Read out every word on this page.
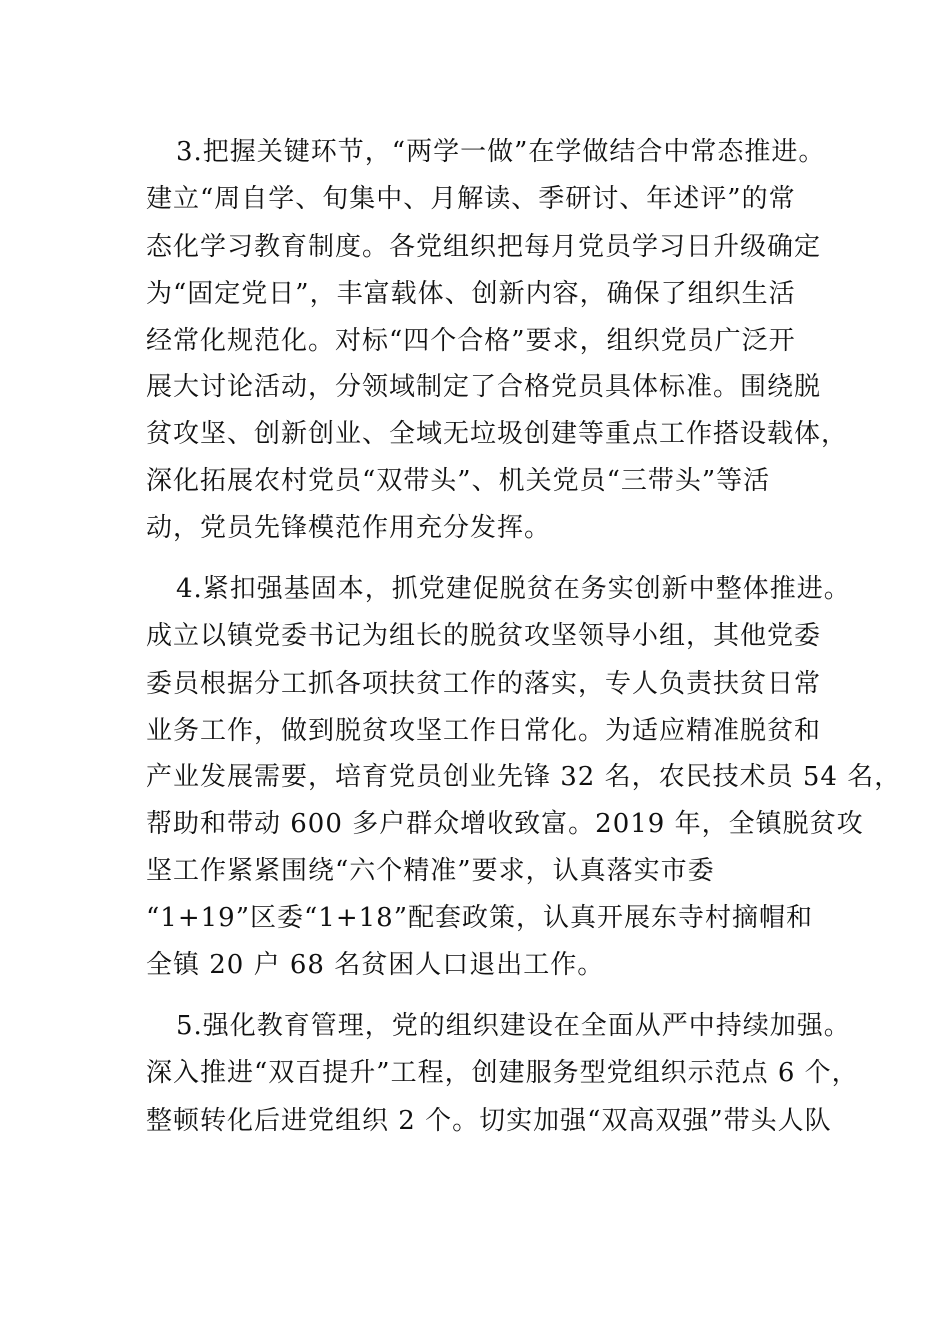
3.把握关键环节，“两学一做”在学做结合中常态推进。
建立“周自学、旬集中、月解读、季研讨、年述评”的常
态化学习教育制度。各党组织把每月党员学习日升级确定
为“固定党日”，丰富载体、创新内容，确保了组织生活
经常化规范化。对标“四个合格”要求，组织党员广泛开
展大讨论活动，分领域制定了合格党员具体标准。围绕脱
贫攻坚、创新创业、全域无垃圾创建等重点工作搭设载体，
深化拓展农村党员“双带头”、机关党员“三带头”等活
动，党员先锋模范作用充分发挥。
4.紧扣强基固本，抓党建促脱贫在务实创新中整体推进。
成立以镇党委书记为组长的脱贫攻坚领导小组，其他党委
委员根据分工抓各项扶贫工作的落实，专人负责扶贫日常
业务工作，做到脱贫攻坚工作日常化。为适应精准脱贫和
产业发展需要，培育党员创业先锋 32 名，农民技术员 54 名，
帮助和带动 600 多户群众增收致富。2019 年，全镇脱贫攻
坚工作紧紧围绕“六个精准”要求，认真落实市委
“1+19”区委“1+18”配套政策，认真开展东寺村摘帽和
全镇 20 户 68 名贫困人口退出工作。
5.强化教育管理，党的组织建设在全面从严中持续加强。
深入推进“双百提升”工程，创建服务型党组织示范点 6 个，
整顿转化后进党组织 2 个。切实加强“双高双强”带头人队
